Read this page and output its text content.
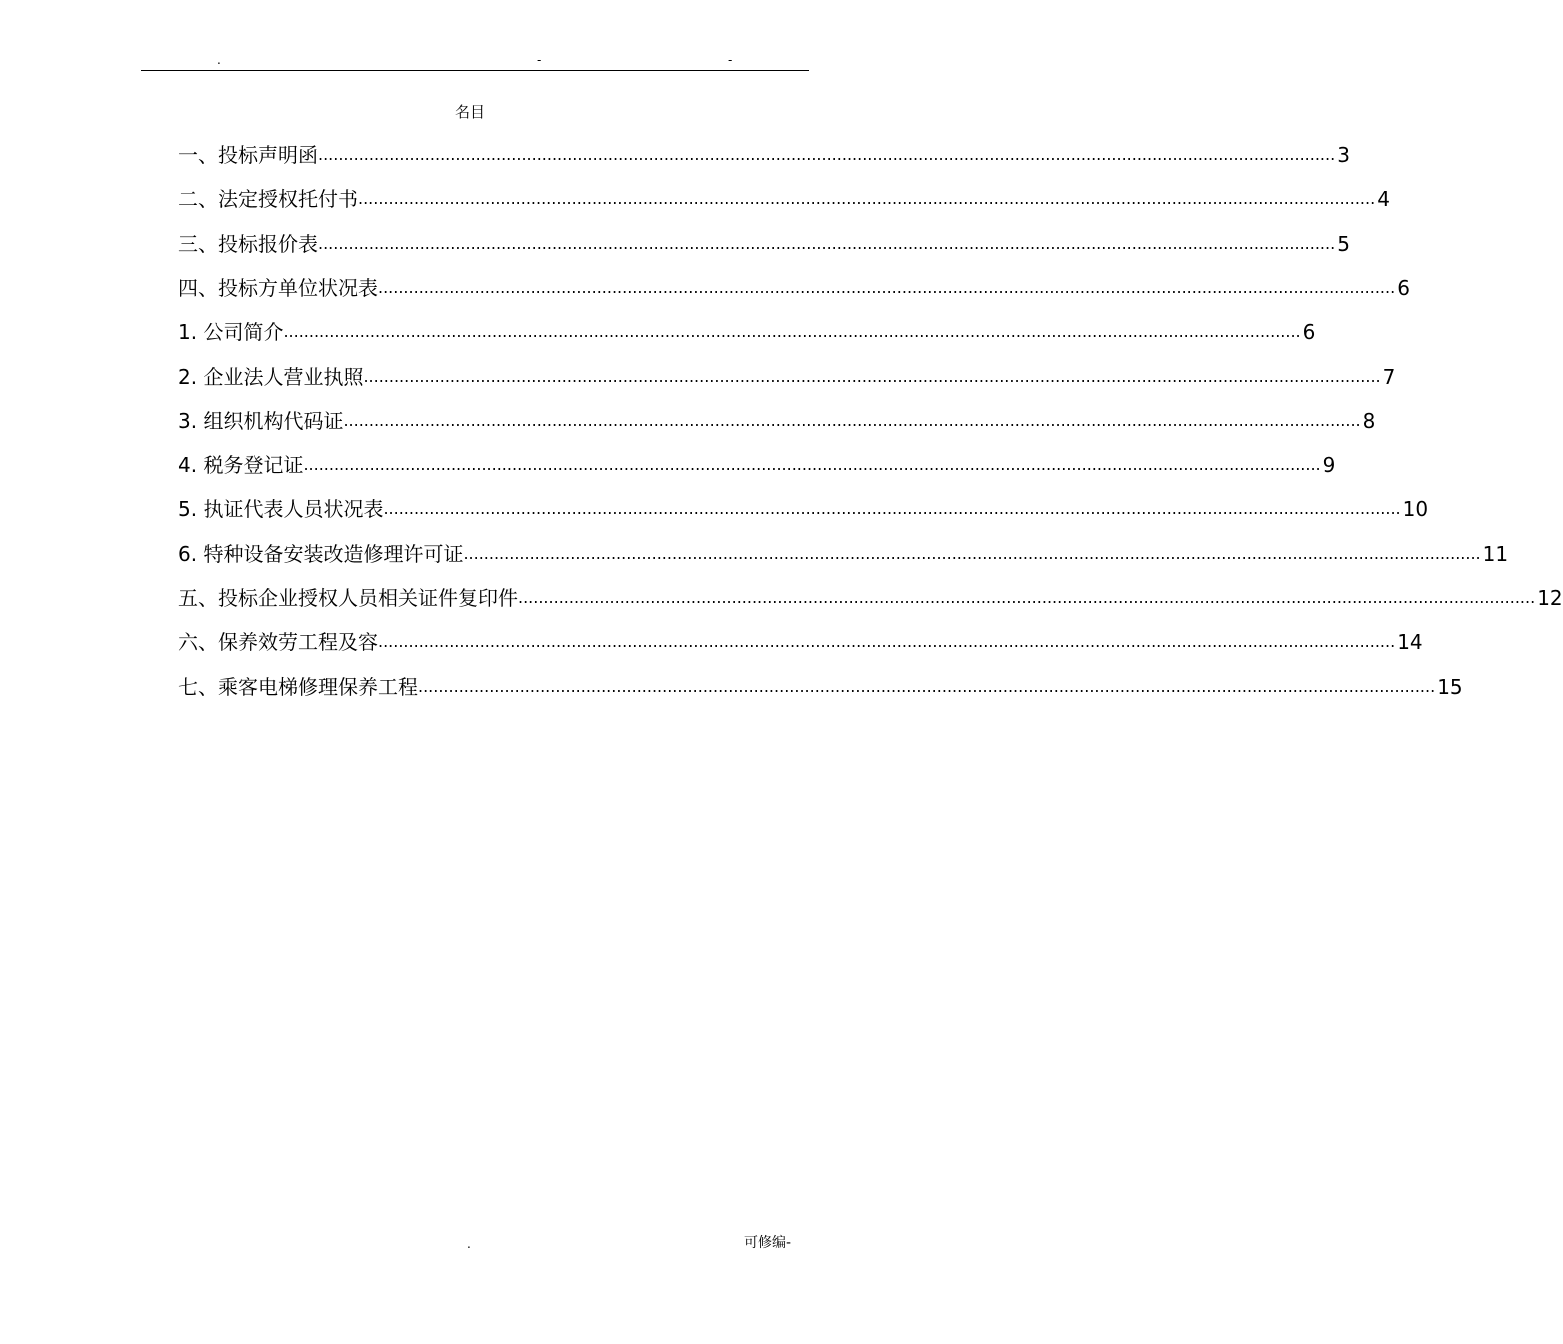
.	-	-
名目
一、投标声明函 ........................................................................................................................................................................................................ 3
二、法定授权托付书 ........................................................................................................................................................................................................ 4
三、投标报价表 ........................................................................................................................................................................................................ 5
四、投标方单位状况表 ........................................................................................................................................................................................................ 6
1. 公司简介 ........................................................................................................................................................................................................ 6
2. 企业法人营业执照 ........................................................................................................................................................................................................ 7
3. 组织机构代码证 ........................................................................................................................................................................................................ 8
4. 税务登记证 ........................................................................................................................................................................................................ 9
5. 执证代表人员状况表 ........................................................................................................................................................................................................ 10
6. 特种设备安装改造修理许可证 ........................................................................................................................................................................................................ 11
五、投标企业授权人员相关证件复印件 ........................................................................................................................................................................................................ 12
六、保养效劳工程及容 ........................................................................................................................................................................................................ 14
七、乘客电梯修理保养工程 ........................................................................................................................................................................................................ 15
.	可修编-
